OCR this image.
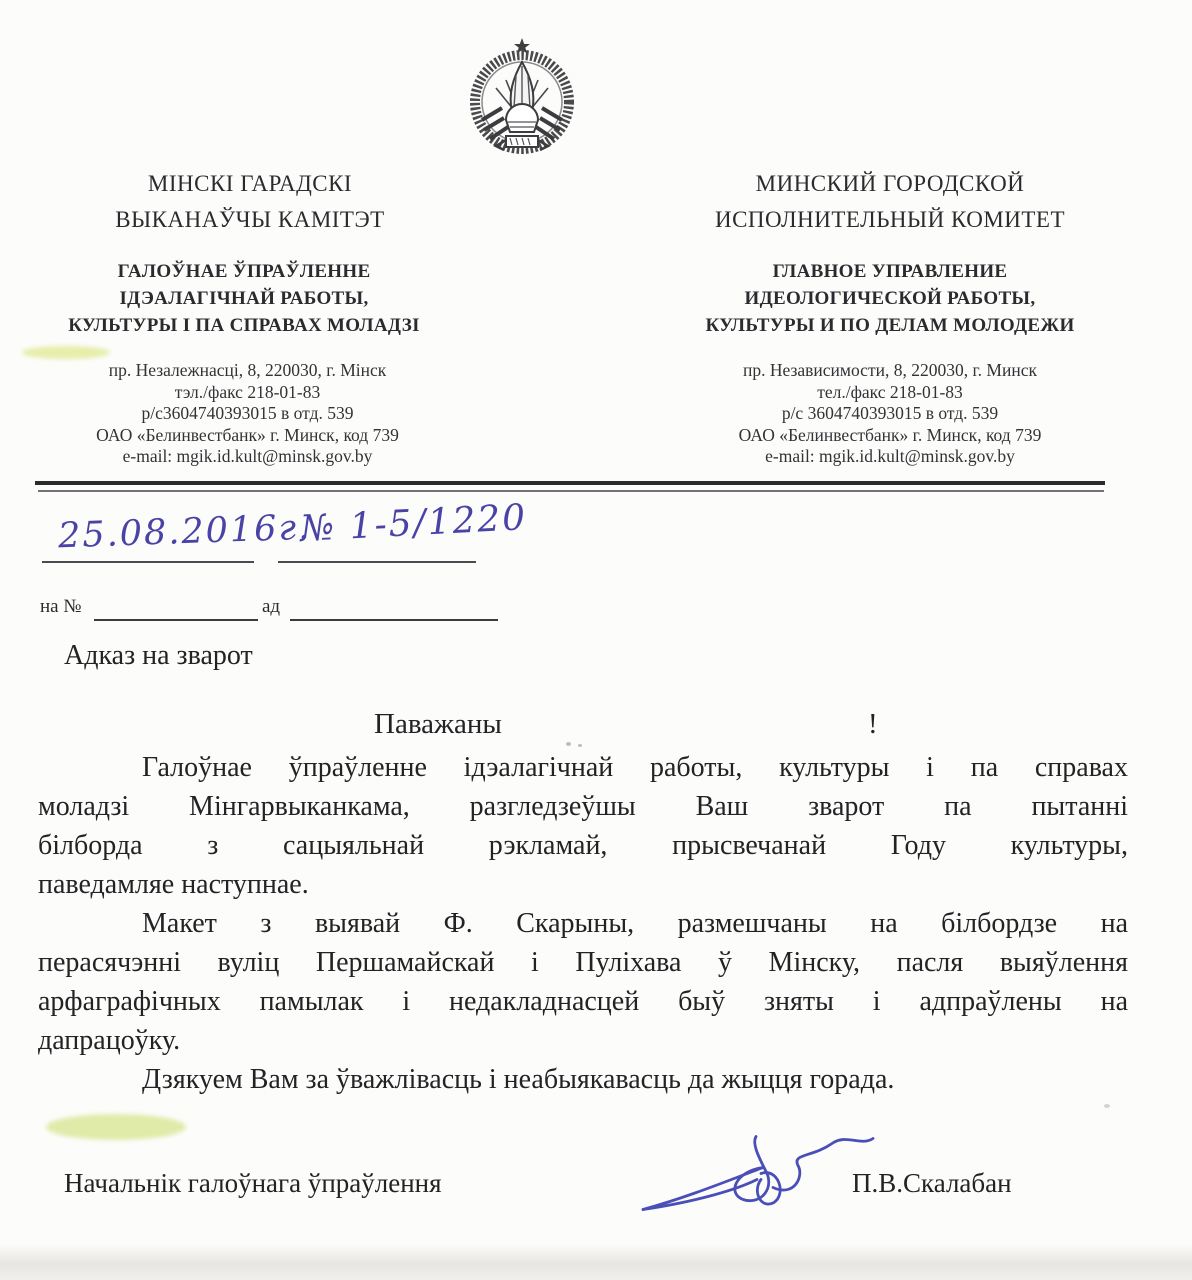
МІНСКІ ГАРАДСКІ
ВЫКАНАЎЧЫ КАМІТЭТ
ГАЛОЎНАЕ ЎПРАЎЛЕННЕ
ІДЭАЛАГІЧНАЙ РАБОТЫ,
КУЛЬТУРЫ І ПА СПРАВАХ МОЛАДЗІ
пр. Незалежнасці, 8, 220030, г. Мінск
тэл./факс 218-01-83
р/с3604740393015 в отд. 539
ОАО «Белинвестбанк» г. Минск, код 739
e-mail: mgik.id.kult@minsk.gov.by
МИНСКИЙ ГОРОДСКОЙ
ИСПОЛНИТЕЛЬНЫЙ КОМИТЕТ
ГЛАВНОЕ УПРАВЛЕНИЕ
ИДЕОЛОГИЧЕСКОЙ РАБОТЫ,
КУЛЬТУРЫ И ПО ДЕЛАМ МОЛОДЕЖИ
пр. Независимости, 8, 220030, г. Минск
тел./факс 218-01-83
р/с 3604740393015 в отд. 539
ОАО «Белинвестбанк» г. Минск, код 739
e-mail: mgik.id.kult@minsk.gov.by
25.08.2016г.
№ 1-5/1220
на №	ад
Адказ на зварот
Паважаны	!
Галоўнае ўпраўленне ідэалагічнай работы, культуры і па справах
моладзі Мінгарвыканкама, разгледзеўшы Ваш зварот па пытанні
білборда з сацыяльнай рэкламай, прысвечанай Году культуры,
паведамляе наступнае.
Макет з выявай Ф. Скарыны, размешчаны на білбордзе на
перасячэнні вуліц Першамайскай і Пуліхава ў Мінску, пасля выяўлення
арфаграфічных памылак і недакладнасцей быў зняты і адпраўлены на
дапрацоўку.
Дзякуем Вам за ўважлівасць і неабыякавасць да жыцця горада.
Начальнік галоўнага ўпраўлення	П.В.Скалабан
